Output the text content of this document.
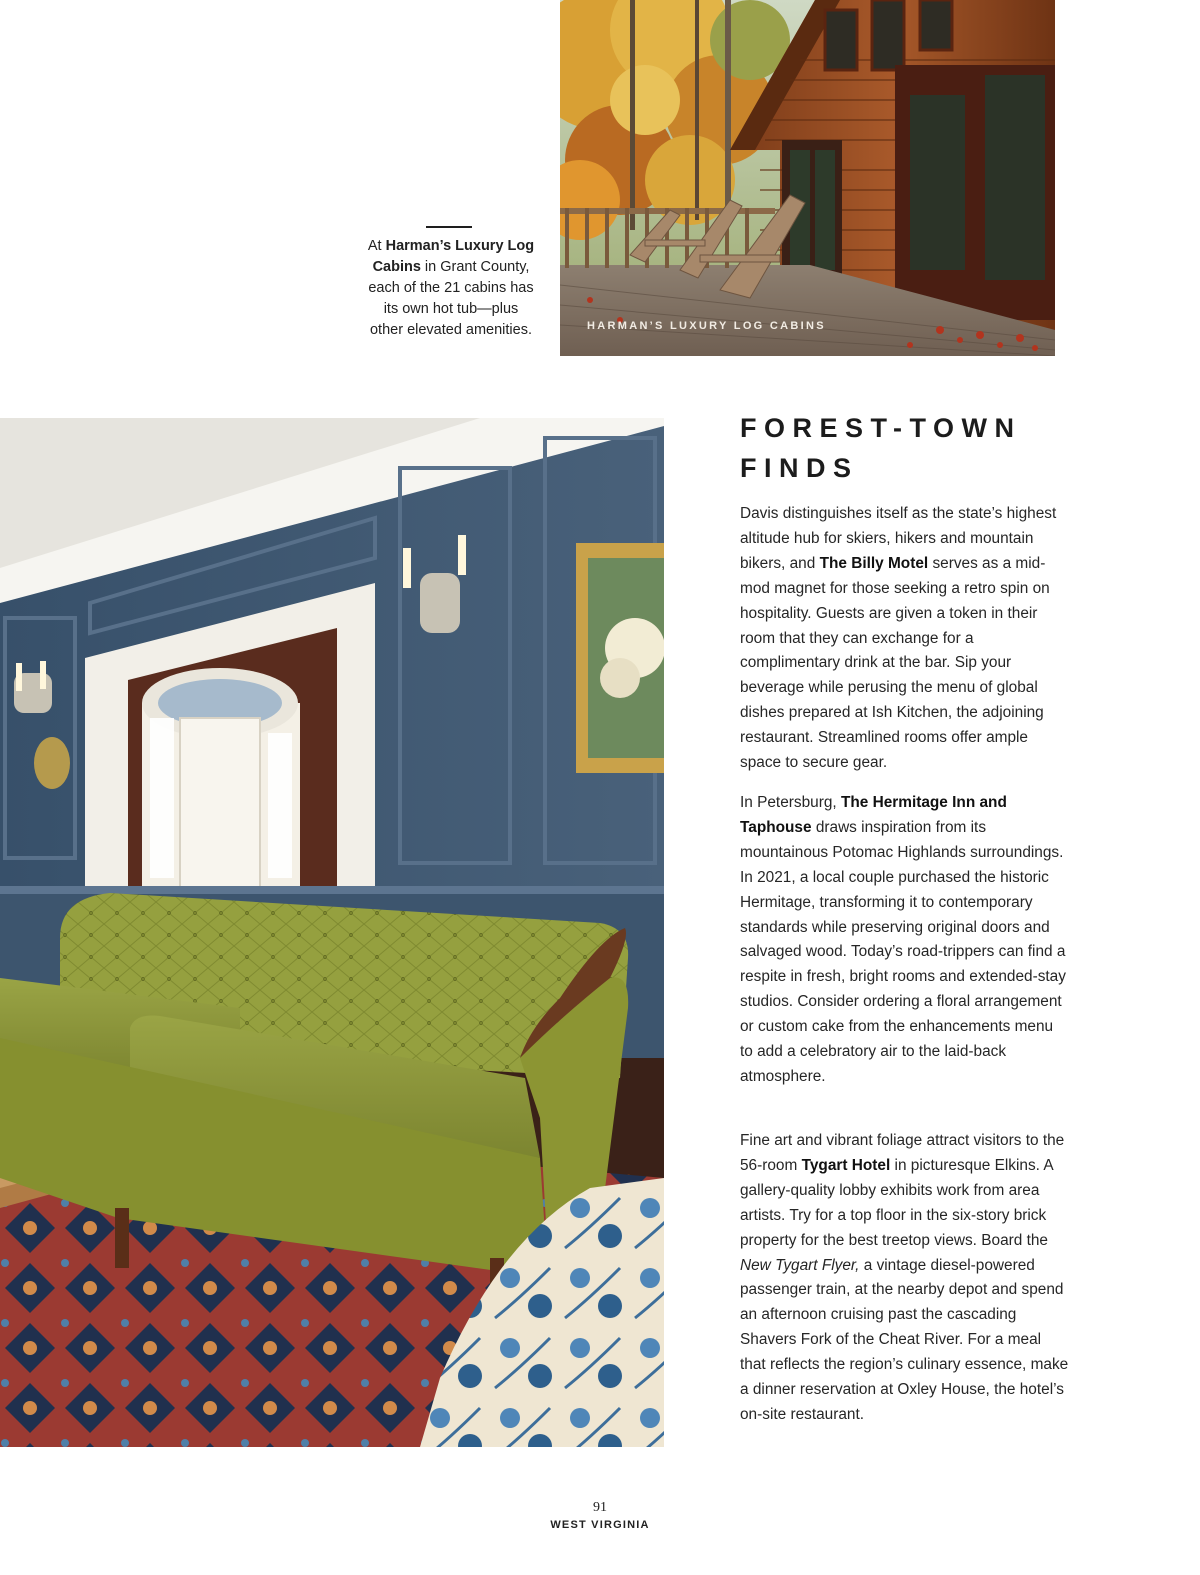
At Harman’s Luxury Log Cabins in Grant County, each of the 21 cabins has its own hot tub—plus other elevated amenities.	HARMAN’S LUXURY LOG CABINS
FOREST-TOWN FINDS
Davis distinguishes itself as the state’s highest altitude hub for skiers, hikers and mountain bikers, and The Billy Motel serves as a mid-mod magnet for those seeking a retro spin on hospitality. Guests are given a token in their room that they can exchange for a complimentary drink at the bar. Sip your beverage while perusing the menu of global dishes prepared at Ish Kitchen, the adjoining restaurant. Streamlined rooms offer ample space to secure gear.
In Petersburg, The Hermitage Inn and Taphouse draws inspiration from its mountainous Potomac Highlands surroundings. In 2021, a local couple purchased the historic Hermitage, transforming it to contemporary standards while preserving original doors and salvaged wood. Today’s road-trippers can find a respite in fresh, bright rooms and extended-stay studios. Consider ordering a floral arrangement or custom cake from the enhancements menu to add a celebratory air to the laid-back atmosphere.
Fine art and vibrant foliage attract visitors to the 56-room Tygart Hotel in picturesque Elkins. A gallery-quality lobby exhibits work from area artists. Try for a top floor in the six-story brick property for the best treetop views. Board the New Tygart Flyer, a vintage diesel-powered passenger train, at the nearby depot and spend an afternoon cruising past the cascading Shavers Fork of the Cheat River. For a meal that reflects the region’s culinary essence, make a dinner reservation at Oxley House, the hotel’s on-site restaurant.
91
WEST VIRGINIA
